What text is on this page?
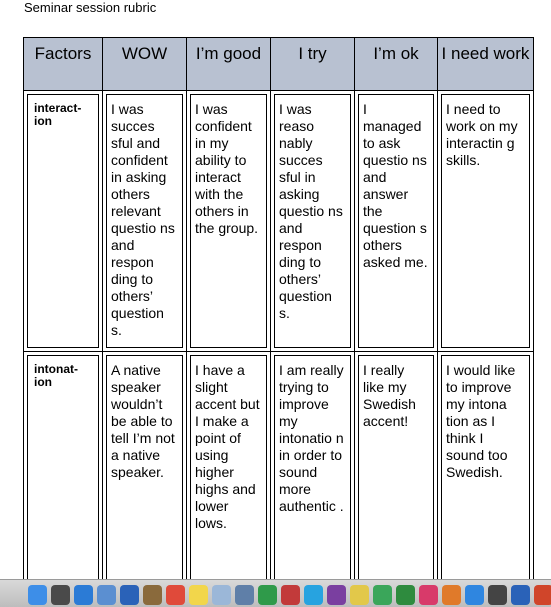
Seminar session rubric
Factors	WOW	I’m good	I try	I’m ok	I need work

interact-ion	I was succes sful and confident in asking others relevant questio ns and respon ding to others’ question s.	I was confident in my ability to interact with the others in the group.	I was reaso nably succes sful in asking questio ns and respon ding to others’ question s.	I managed to ask questio ns and answer the question s others asked me.	I need to work on my interactin g skills.

intonat-ion	A native speaker wouldn’t be able to tell I’m not a native speaker.	I have a slight accent but I make a point of using higher highs and lower lows.	I am really trying to improve my intonatio n in order to sound more authentic .	I really like my Swedish accent!	I would like to improve my intona tion as I think I sound too Swedish.
